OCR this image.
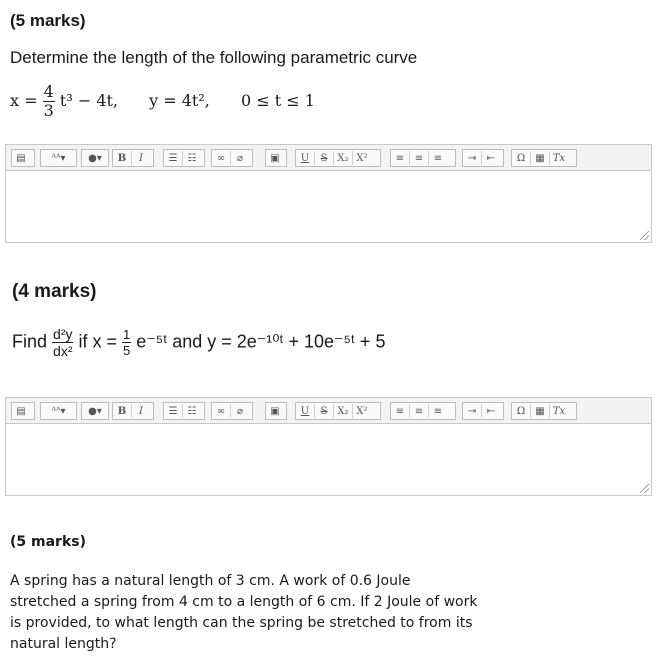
(5 marks)
Determine the length of the following parametric curve
$x = \frac{4}{3} t^3 - 4t$, y = 4t², 0 ≤ t ≤ 1
▤	ᴬᴬ▾	●▾	B I	☰	☷	∞	⌀	▣	U S	X₂ X²	≡	≡	≡	⇥	⇤	Ω	▦ Tx
(4 marks)
Find $\frac{\text{d²y}}{\text{dx²}}$ if $x = \frac{1}{5}$ e⁻⁵ᵗ and y = 2e⁻¹⁰ᵗ + 10e⁻⁵ᵗ + 5
▤	ᴬᴬ▾	●▾	B I	☰	☷	∞	⌀	▣	U S	X₂ X²	≡	≡	≡	⇥	⇤	Ω	▦ Tx
(5 marks)
A spring has a natural length of 3 cm. A work of 0.6 Joule stretched a spring from 4 cm to a length of 6 cm. If 2 Joule of work is provided, to what length can the spring be stretched to from its natural length?
